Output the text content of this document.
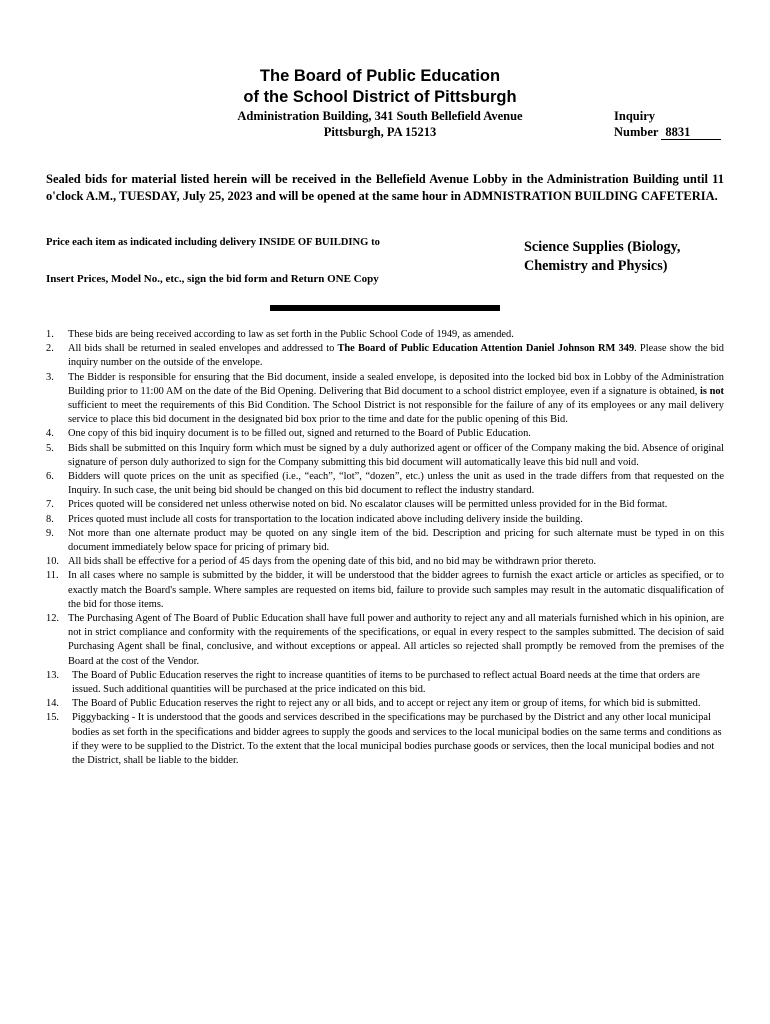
The Board of Public Education
of the School District of Pittsburgh
Administration Building, 341 South Bellefield Avenue
Pittsburgh, PA 15213
Inquiry
Number 8831
Sealed bids for material listed herein will be received in the Bellefield Avenue Lobby in the Administration Building until 11 o'clock A.M., TUESDAY, July 25, 2023 and will be opened at the same hour in ADMNISTRATION BUILDING CAFETERIA.
Price each item as indicated including delivery INSIDE OF BUILDING to
Insert Prices, Model No., etc., sign the bid form and Return ONE Copy
Science Supplies (Biology,
Chemistry and Physics)
1. These bids are being received according to law as set forth in the Public School Code of 1949, as amended.
2. All bids shall be returned in sealed envelopes and addressed to The Board of Public Education Attention Daniel Johnson RM 349. Please show the bid inquiry number on the outside of the envelope.
3. The Bidder is responsible for ensuring that the Bid document, inside a sealed envelope, is deposited into the locked bid box in Lobby of the Administration Building prior to 11:00 AM on the date of the Bid Opening. Delivering that Bid document to a school district employee, even if a signature is obtained, is not sufficient to meet the requirements of this Bid Condition. The School District is not responsible for the failure of any of its employees or any mail delivery service to place this bid document in the designated bid box prior to the time and date for the public opening of this Bid.
4. One copy of this bid inquiry document is to be filled out, signed and returned to the Board of Public Education.
5. Bids shall be submitted on this Inquiry form which must be signed by a duly authorized agent or officer of the Company making the bid. Absence of original signature of person duly authorized to sign for the Company submitting this bid document will automatically leave this bid null and void.
6. Bidders will quote prices on the unit as specified (i.e., “each”, “lot”, “dozen”, etc.) unless the unit as used in the trade differs from that requested on the Inquiry. In such case, the unit being bid should be changed on this bid document to reflect the industry standard.
7. Prices quoted will be considered net unless otherwise noted on bid. No escalator clauses will be permitted unless provided for in the Bid format.
8. Prices quoted must include all costs for transportation to the location indicated above including delivery inside the building.
9. Not more than one alternate product may be quoted on any single item of the bid. Description and pricing for such alternate must be typed in on this document immediately below space for pricing of primary bid.
10. All bids shall be effective for a period of 45 days from the opening date of this bid, and no bid may be withdrawn prior thereto.
11. In all cases where no sample is submitted by the bidder, it will be understood that the bidder agrees to furnish the exact article or articles as specified, or to exactly match the Board's sample. Where samples are requested on items bid, failure to provide such samples may result in the automatic disqualification of the bid for those items.
12. The Purchasing Agent of The Board of Public Education shall have full power and authority to reject any and all materials furnished which in his opinion, are not in strict compliance and conformity with the requirements of the specifications, or equal in every respect to the samples submitted. The decision of said Purchasing Agent shall be final, conclusive, and without exceptions or appeal. All articles so rejected shall promptly be removed from the premises of the Board at the cost of the Vendor.
13. The Board of Public Education reserves the right to increase quantities of items to be purchased to reflect actual Board needs at the time that orders are issued. Such additional quantities will be purchased at the price indicated on this bid.
14. The Board of Public Education reserves the right to reject any or all bids, and to accept or reject any item or group of items, for which bid is submitted.
15. Piggybacking - It is understood that the goods and services described in the specifications may be purchased by the District and any other local municipal bodies as set forth in the specifications and bidder agrees to supply the goods and services to the local municipal bodies on the same terms and conditions as if they were to be supplied to the District. To the extent that the local municipal bodies purchase goods or services, then the local municipal bodies and not the District, shall be liable to the bidder.
